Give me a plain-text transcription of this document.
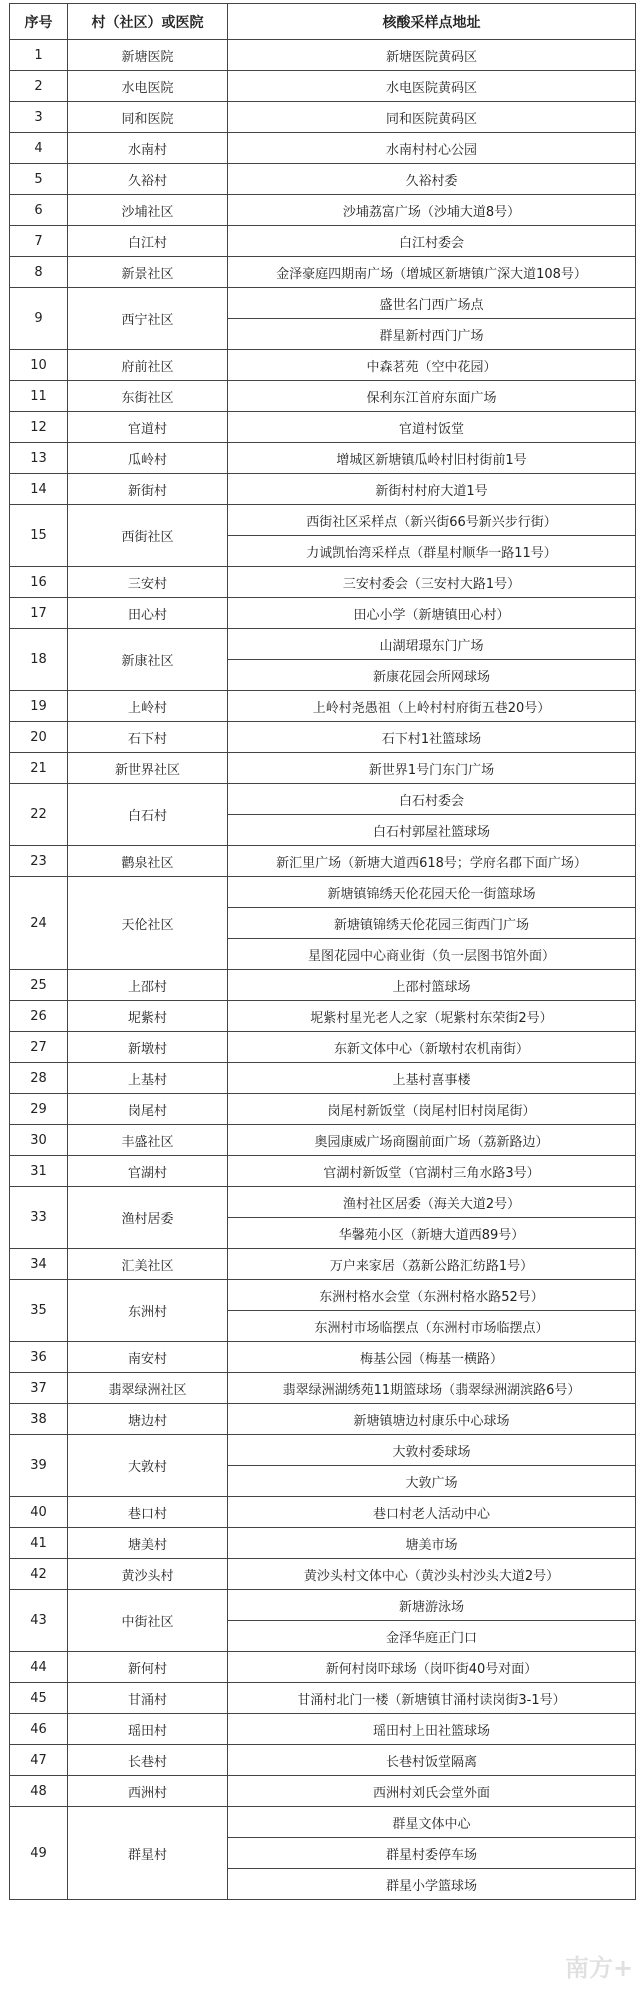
序号	村（社区）或医院	核酸采样点地址
1	新塘医院	新塘医院黄码区
2	水电医院	水电医院黄码区
3	同和医院	同和医院黄码区
4	水南村	水南村村心公园
5	久裕村	久裕村委
6	沙埔社区	沙埔荔富广场（沙埔大道8号）
7	白江村	白江村委会
8	新景社区	金泽豪庭四期南广场（增城区新塘镇广深大道108号）
9	西宁社区	盛世名门西广场点
		群星新村西门广场
10	府前社区	中森茗苑（空中花园）
11	东街社区	保利东江首府东面广场
12	官道村	官道村饭堂
13	瓜岭村	增城区新塘镇瓜岭村旧村街前1号
14	新街村	新街村村府大道1号
15	西街社区	西街社区采样点（新兴街66号新兴步行街）
		力诚凯怡湾采样点（群星村顺华一路11号）
16	三安村	三安村委会（三安村大路1号）
17	田心村	田心小学（新塘镇田心村）
18	新康社区	山湖珺璟东门广场
		新康花园会所网球场
19	上岭村	上岭村尧愚祖（上岭村村府街五巷20号）
20	石下村	石下村1社篮球场
21	新世界社区	新世界1号门东门广场
22	白石村	白石村委会
		白石村郭屋社篮球场
23	鹳泉社区	新汇里广场（新塘大道西618号；学府名郡下面广场）
24	天伦社区	新塘镇锦绣天伦花园天伦一街篮球场
		新塘镇锦绣天伦花园三街西门广场
		星图花园中心商业街（负一层图书馆外面）
25	上邵村	上邵村篮球场
26	坭紫村	坭紫村星光老人之家（坭紫村东荣街2号）
27	新墩村	东新文体中心（新墩村农机南街）
28	上基村	上基村喜事楼
29	岗尾村	岗尾村新饭堂（岗尾村旧村岗尾街）
30	丰盛社区	奥园康威广场商圈前面广场（荔新路边）
31	官湖村	官湖村新饭堂（官湖村三角水路3号）
33	渔村居委	渔村社区居委（海关大道2号）
		华馨苑小区（新塘大道西89号）
34	汇美社区	万户来家居（荔新公路汇纺路1号）
35	东洲村	东洲村格水会堂（东洲村格水路52号）
		东洲村市场临摆点（东洲村市场临摆点）
36	南安村	梅基公园（梅基一横路）
37	翡翠绿洲社区	翡翠绿洲湖绣苑11期篮球场（翡翠绿洲湖滨路6号）
38	塘边村	新塘镇塘边村康乐中心球场
39	大敦村	大敦村委球场
		大敦广场
40	巷口村	巷口村老人活动中心
41	塘美村	塘美市场
42	黄沙头村	黄沙头村文体中心（黄沙头村沙头大道2号）
43	中街社区	新塘游泳场
		金泽华庭正门口
44	新何村	新何村岗吓球场（岗吓街40号对面）
45	甘涌村	甘涌村北门一楼（新塘镇甘涌村读岗街3-1号）
46	瑶田村	瑶田村上田社篮球场
47	长巷村	长巷村饭堂隔离
48	西洲村	西洲村刘氏会堂外面
49	群星村	群星文体中心
		群星村委停车场
		群星小学篮球场
南方+
